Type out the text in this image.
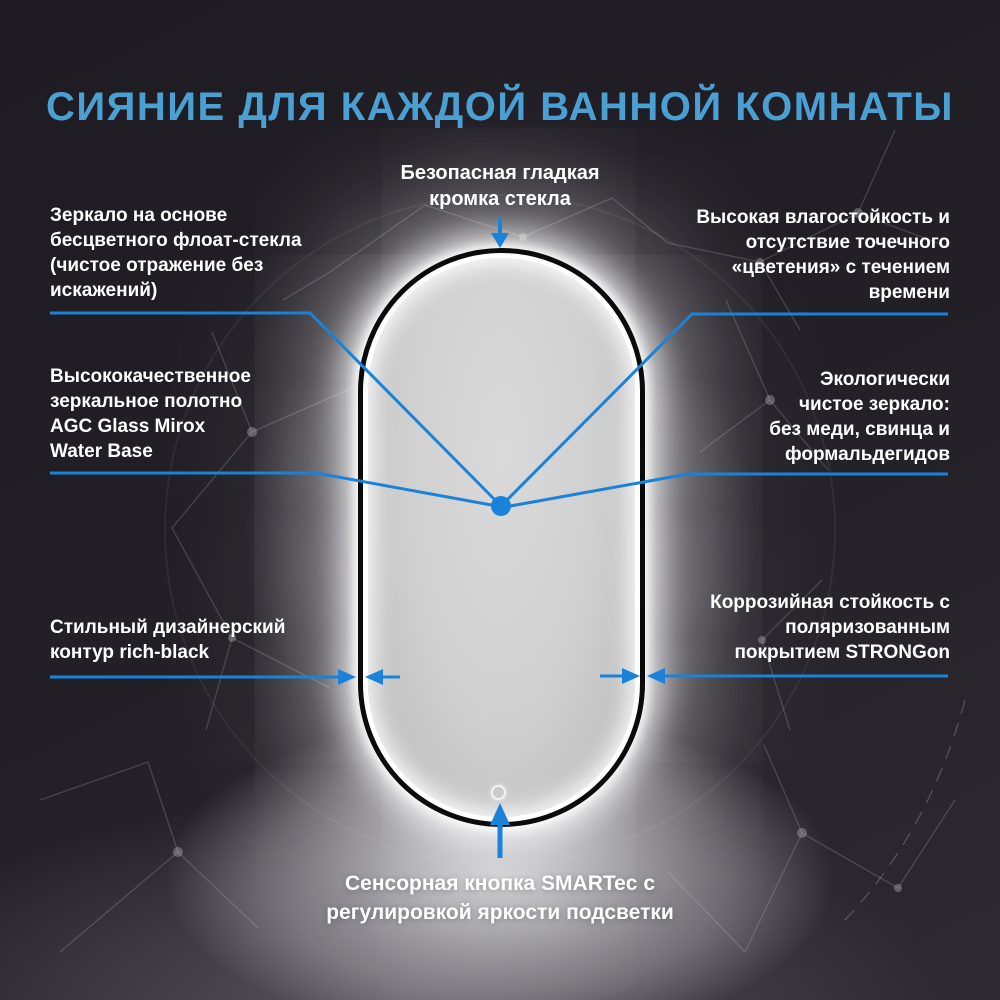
СИЯНИЕ ДЛЯ КАЖДОЙ ВАННОЙ КОМНАТЫ
Безопасная гладкая
кромка стекла
Зеркало на основе
бесцветного флоат-стекла
(чистое отражение без
искажений)
Высокая влагостойкость и
отсутствие точечного
«цветения» с течением
времени
Высококачественное
зеркальное полотно
AGC Glass Mirox
Water Base
Экологически
чистое зеркало:
без меди, свинца и
формальдегидов
Стильный дизайнерский
контур rich-black
Коррозийная стойкость с
поляризованным
покрытием STRONGon
Сенсорная кнопка SMARTec с
регулировкой яркости подсветки
